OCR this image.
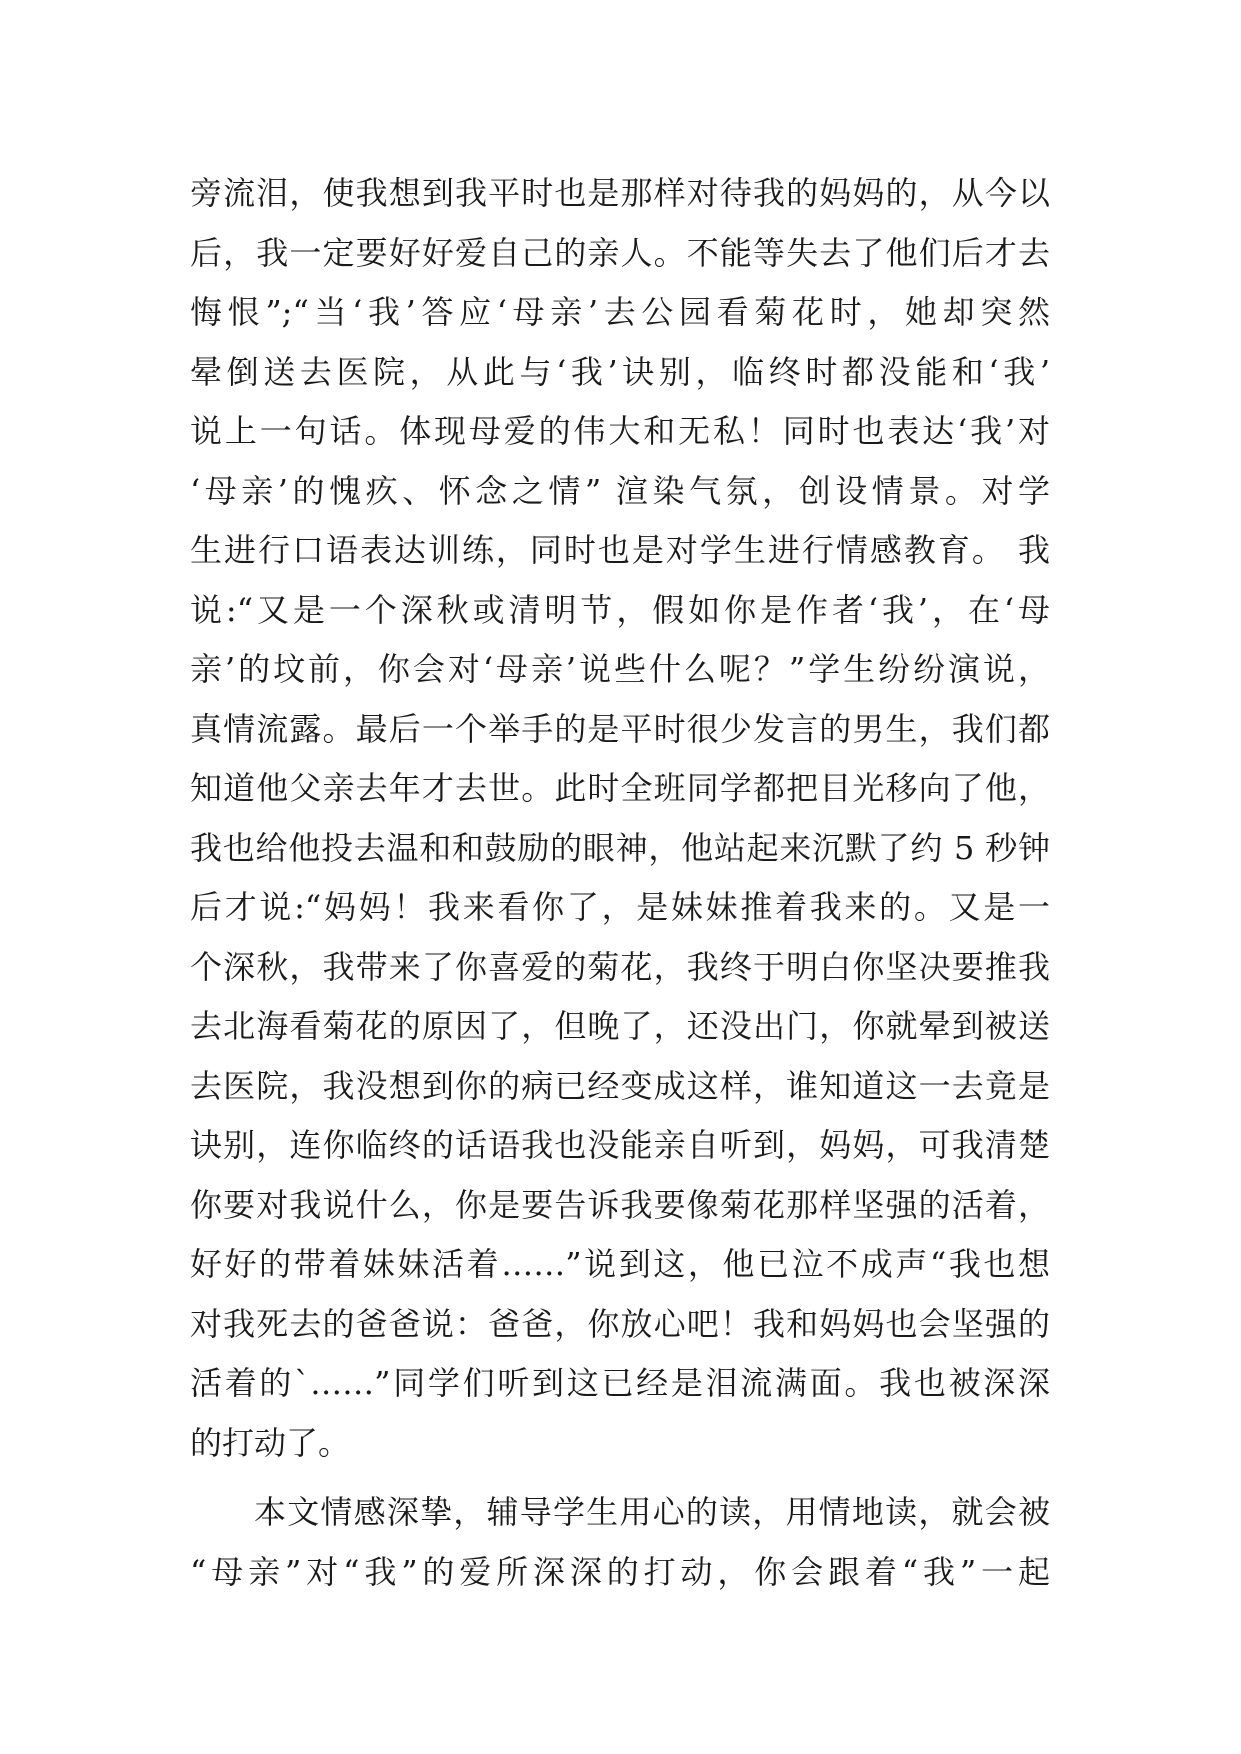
旁流泪，使我想到我平时也是那样对待我的妈妈的，从今以
后，我一定要好好爱自己的亲人。不能等失去了他们后才去
悔恨”;“当‘我’答应‘母亲’去公园看菊花时，她却突然
晕倒送去医院，从此与‘我’诀别，临终时都没能和‘我’
说上一句话。体现母爱的伟大和无私！同时也表达‘我’对
‘母亲’的愧疚、怀念之情” 渲染气氛，创设情景。对学
生进行口语表达训练，同时也是对学生进行情感教育。 我
说:“又是一个深秋或清明节，假如你是作者‘我’，在‘母
亲’的坟前，你会对‘母亲’说些什么呢？”学生纷纷演说，
真情流露。最后一个举手的是平时很少发言的男生，我们都
知道他父亲去年才去世。此时全班同学都把目光移向了他，
我也给他投去温和和鼓励的眼神，他站起来沉默了约 5 秒钟
后才说:“妈妈！我来看你了，是妹妹推着我来的。又是一
个深秋，我带来了你喜爱的菊花，我终于明白你坚决要推我
去北海看菊花的原因了，但晚了，还没出门，你就晕到被送
去医院，我没想到你的病已经变成这样，谁知道这一去竟是
诀别，连你临终的话语我也没能亲自听到，妈妈，可我清楚
你要对我说什么，你是要告诉我要像菊花那样坚强的活着，
好好的带着妹妹活着……”说到这，他已泣不成声“我也想
对我死去的爸爸说：爸爸，你放心吧！我和妈妈也会坚强的
活着的`……”同学们听到这已经是泪流满面。我也被深深
的打动了。
本文情感深挚，辅导学生用心的读，用情地读，就会被
“母亲”对“我”的爱所深深的打动，你会跟着“我”一起
